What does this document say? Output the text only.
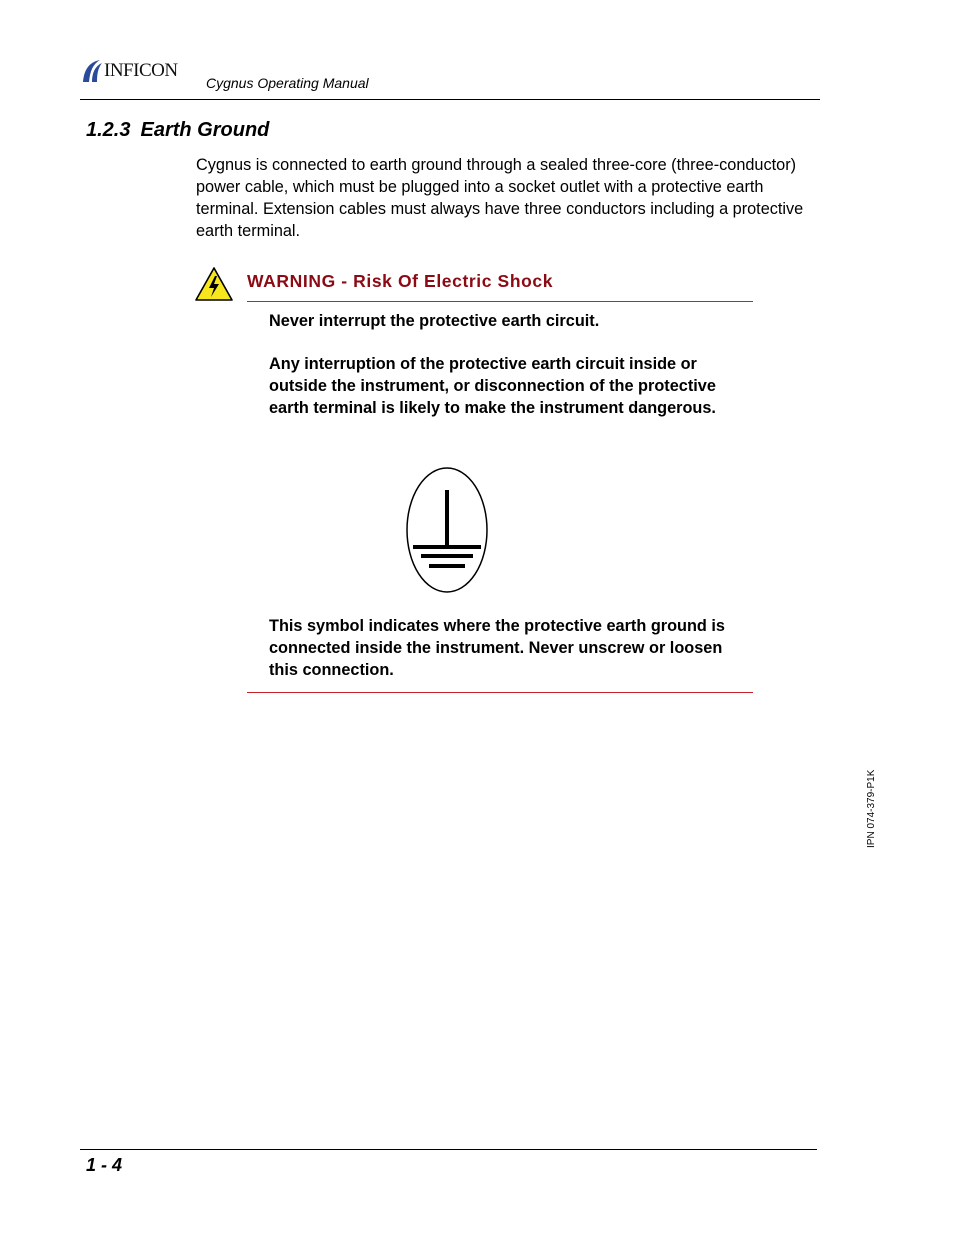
INFICON
Cygnus Operating Manual
1.2.3 Earth Ground
Cygnus is connected to earth ground through a sealed three-core (three-conductor) power cable, which must be plugged into a socket outlet with a protective earth terminal. Extension cables must always have three conductors including a protective earth terminal.
WARNING - Risk Of Electric Shock
Never interrupt the protective earth circuit.
Any interruption of the protective earth circuit inside or outside the instrument, or disconnection of the protective earth terminal is likely to make the instrument dangerous.
This symbol indicates where the protective earth ground is connected inside the instrument. Never unscrew or loosen this connection.
IPN 074-379-P1K
1 - 4
